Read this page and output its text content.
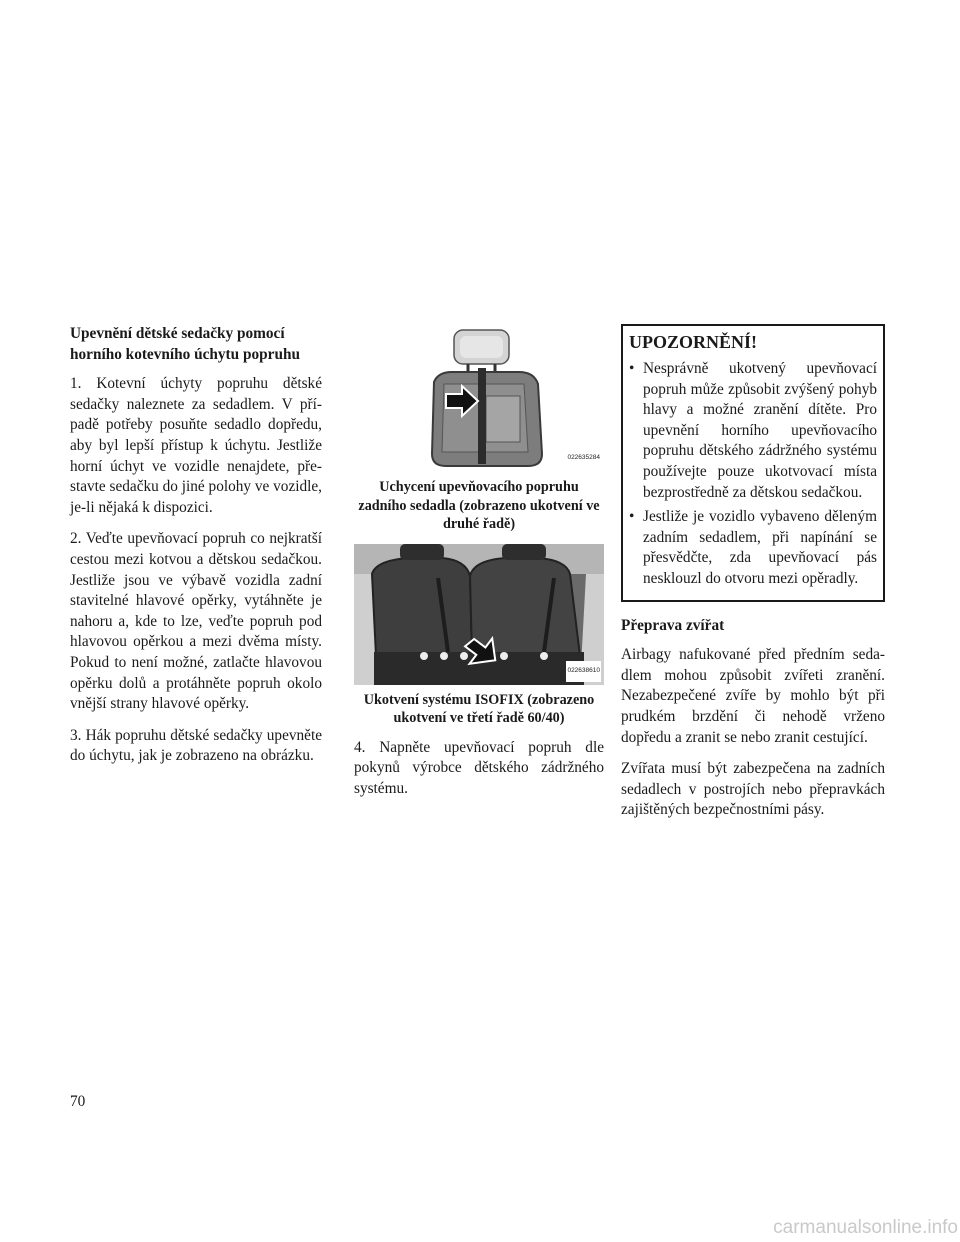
Upevnění dětské sedačky pomocí horního kotevního úchytu popruhu

1. Kotevní úchyty popruhu dětské sedačky naleznete za sedadlem. V případě potřeby posuňte sedadlo dopředu, aby byl lepší přístup k úchytu. Jestliže horní úchyt ve vozidle nenajdete, přestavte sedačku do jiné polohy ve vozidle, je-li nějaká k dispozici.

2. Veďte upevňovací popruh co nejkratší cestou mezi kotvou a dětskou sedačkou. Jestliže jsou ve výbavě vozidla zadní stavitelné hlavové opěrky, vytáhněte je nahoru a, kde to lze, veďte popruh pod hlavovou opěrkou a mezi dvěma místy. Pokud to není možné, zatlačte hlavovou opěrku dolů a protáhněte popruh okolo vnější strany hlavové opěrky.

3. Hák popruhu dětské sedačky upevněte do úchytu, jak je zobrazeno na obrázku.

022635284

Uchycení upevňovacího popruhu zadního sedadla (zobrazeno ukotvení ve druhé řadě)

022638610

Ukotvení systému ISOFIX (zobrazeno ukotvení ve třetí řadě 60/40)

4. Napněte upevňovací popruh dle pokynů výrobce dětského zádržného systému.

UPOZORNĚNÍ!

• Nesprávně ukotvený upevňovací popruh může způsobit zvýšený pohyb hlavy a možné zranění dítěte. Pro upevnění horního upevňovacího popruhu dětského zádržného systému používejte pouze ukotvovací místa bezprostředně za dětskou sedačkou.
• Jestliže je vozidlo vybaveno děleným zadním sedadlem, při napínání se přesvědčte, zda upevňovací pás nesklouzl do otvoru mezi opěradly.

Přeprava zvířat

Airbagy nafukované před předním sedadlem mohou způsobit zvířeti zranění. Nezabezpečené zvíře by mohlo být při prudkém brzdění či nehodě vrženo dopředu a zranit se nebo zranit cestující.

Zvířata musí být zabezpečena na zadních sedadlech v postrojích nebo přepravkách zajištěných bezpečnostními pásy.

70
carmanualsonline.info
